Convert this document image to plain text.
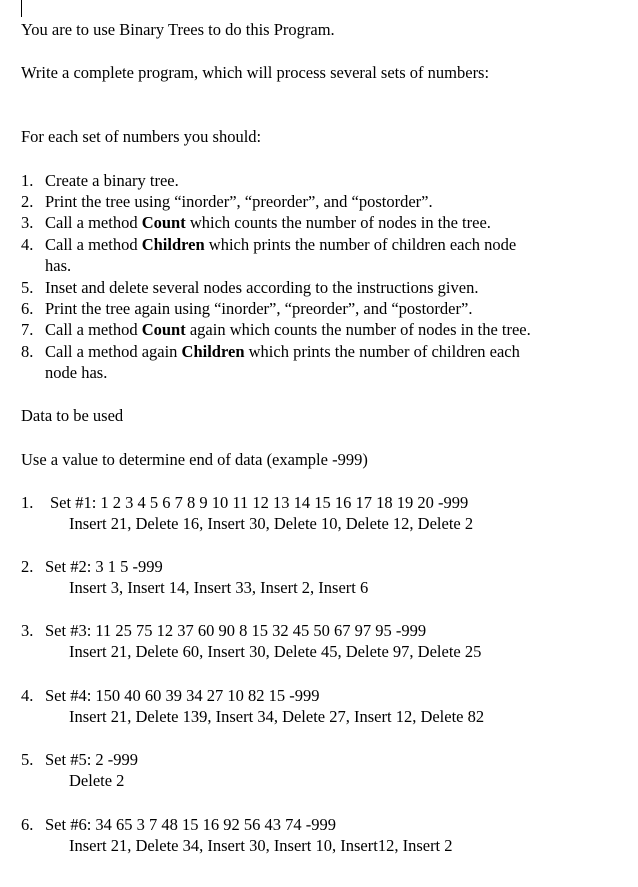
You are to use Binary Trees to do this Program.
Write a complete program, which will process several sets of numbers:
For each set of numbers you should:
1. Create a binary tree.
2. Print the tree using “inorder”, “preorder”, and “postorder”.
3. Call a method Count which counts the number of nodes in the tree.
4. Call a method Children which prints the number of children each node
has.
5. Inset and delete several nodes according to the instructions given.
6. Print the tree again using “inorder”, “preorder”, and “postorder”.
7. Call a method Count again which counts the number of nodes in the tree.
8. Call a method again Children which prints the number of children each
node has.
Data to be used
Use a value to determine end of data (example -999)
1. Set #1: 1 2 3 4 5 6 7 8 9 10 11 12 13 14 15 16 17 18 19 20 -999
Insert 21, Delete 16, Insert 30, Delete 10, Delete 12, Delete 2
2. Set #2: 3 1 5 -999
Insert 3, Insert 14, Insert 33, Insert 2, Insert 6
3. Set #3: 11 25 75 12 37 60 90 8 15 32 45 50 67 97 95 -999
Insert 21, Delete 60, Insert 30, Delete 45, Delete 97, Delete 25
4. Set #4: 150 40 60 39 34 27 10 82 15 -999
Insert 21, Delete 139, Insert 34, Delete 27, Insert 12, Delete 82
5. Set #5: 2 -999
Delete 2
6. Set #6: 34 65 3 7 48 15 16 92 56 43 74 -999
Insert 21, Delete 34, Insert 30, Insert 10, Insert12, Insert 2
